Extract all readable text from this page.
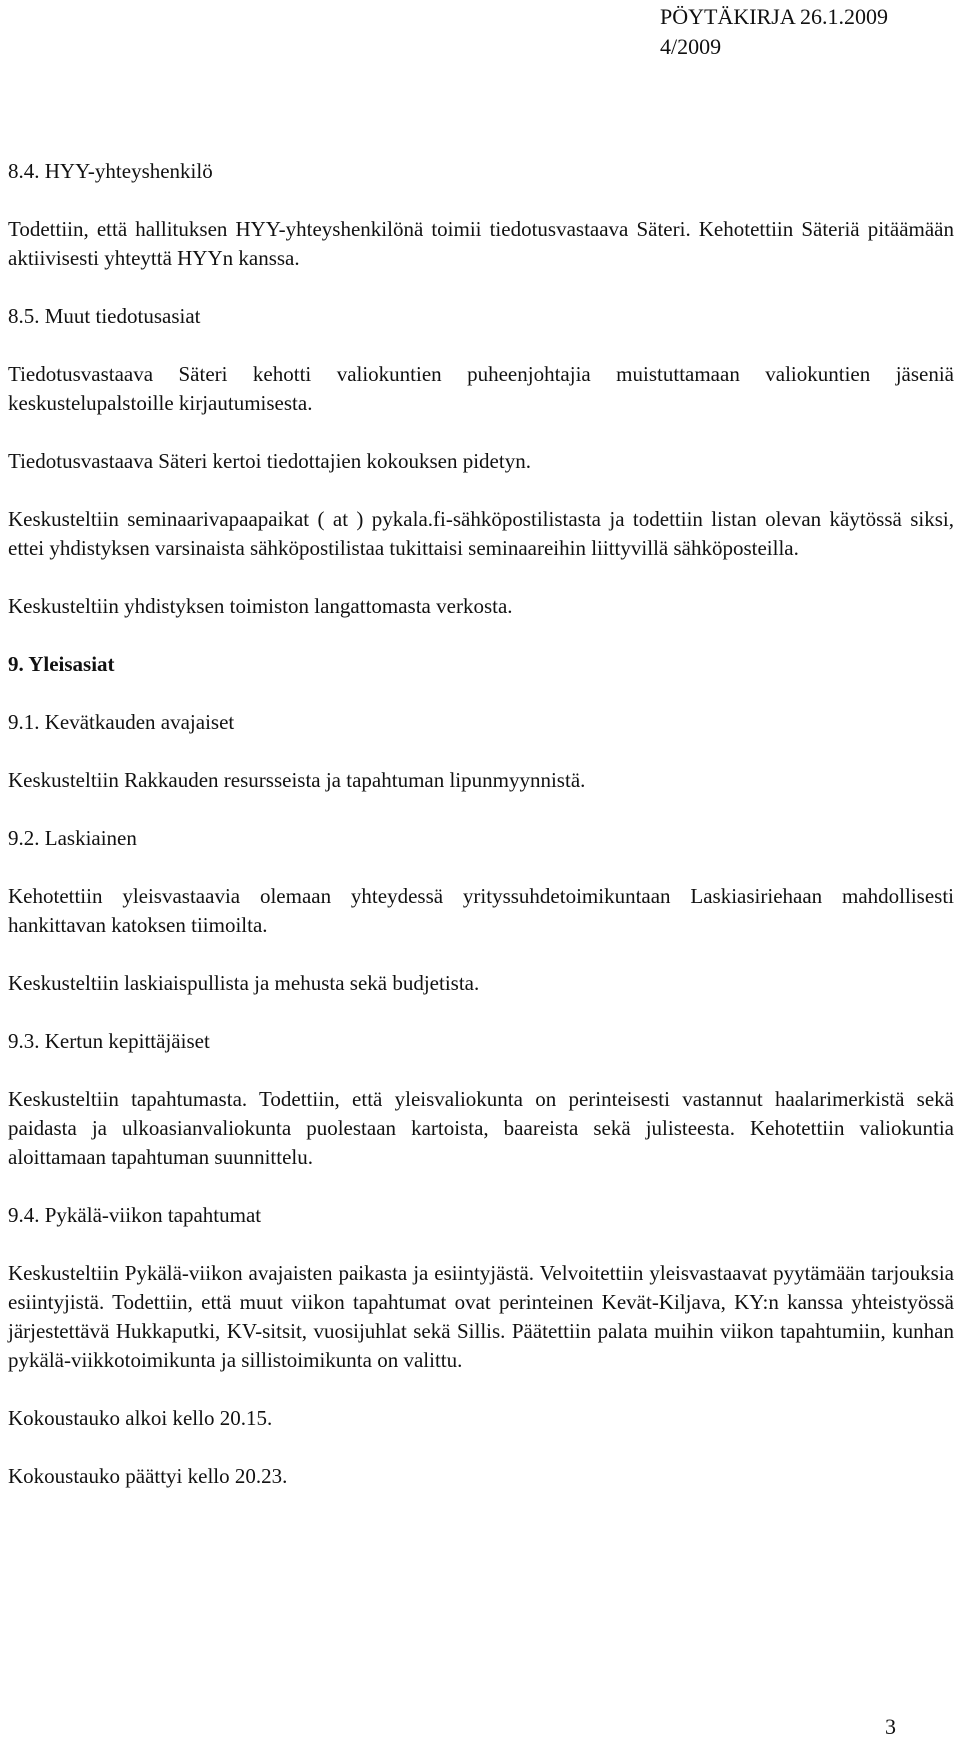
PÖYTÄKIRJA 26.1.2009
4/2009
8.4. HYY-yhteyshenkilö
Todettiin, että hallituksen HYY-yhteyshenkilönä toimii tiedotusvastaava Säteri. Kehotettiin Säteriä pitäämään aktiivisesti yhteyttä HYYn kanssa.
8.5. Muut tiedotusasiat
Tiedotusvastaava Säteri kehotti valiokuntien puheenjohtajia muistuttamaan valiokuntien jäseniä keskustelupalstoille kirjautumisesta.
Tiedotusvastaava Säteri kertoi tiedottajien kokouksen pidetyn.
Keskusteltiin seminaarivapaapaikat ( at ) pykala.fi-sähköpostilistasta ja todettiin listan olevan käytössä siksi, ettei yhdistyksen varsinaista sähköpostilistaa tukittaisi seminaareihin liittyvillä sähköposteilla.
Keskusteltiin yhdistyksen toimiston langattomasta verkosta.
9. Yleisasiat
9.1. Kevätkauden avajaiset
Keskusteltiin Rakkauden resursseista ja tapahtuman lipunmyynnistä.
9.2. Laskiainen
Kehotettiin yleisvastaavia olemaan yhteydessä yrityssuhdetoimikuntaan Laskiasiriehaan mahdollisesti hankittavan katoksen tiimoilta.
Keskusteltiin laskiaispullista ja mehusta sekä budjetista.
9.3. Kertun kepittäjäiset
Keskusteltiin tapahtumasta. Todettiin, että yleisvaliokunta on perinteisesti vastannut haalarimerkistä sekä paidasta ja ulkoasianvaliokunta puolestaan kartoista, baareista sekä julisteesta. Kehotettiin valiokuntia aloittamaan tapahtuman suunnittelu.
9.4. Pykälä-viikon tapahtumat
Keskusteltiin Pykälä-viikon avajaisten paikasta ja esiintyjästä. Velvoitettiin yleisvastaavat pyytämään tarjouksia esiintyjistä. Todettiin, että muut viikon tapahtumat ovat perinteinen Kevät-Kiljava, KY:n kanssa yhteistyössä järjestettävä Hukkaputki, KV-sitsit, vuosijuhlat sekä Sillis. Päätettiin palata muihin viikon tapahtumiin, kunhan pykälä-viikkotoimikunta ja sillistoimikunta on valittu.
Kokoustauko alkoi kello 20.15.
Kokoustauko päättyi kello 20.23.
3
